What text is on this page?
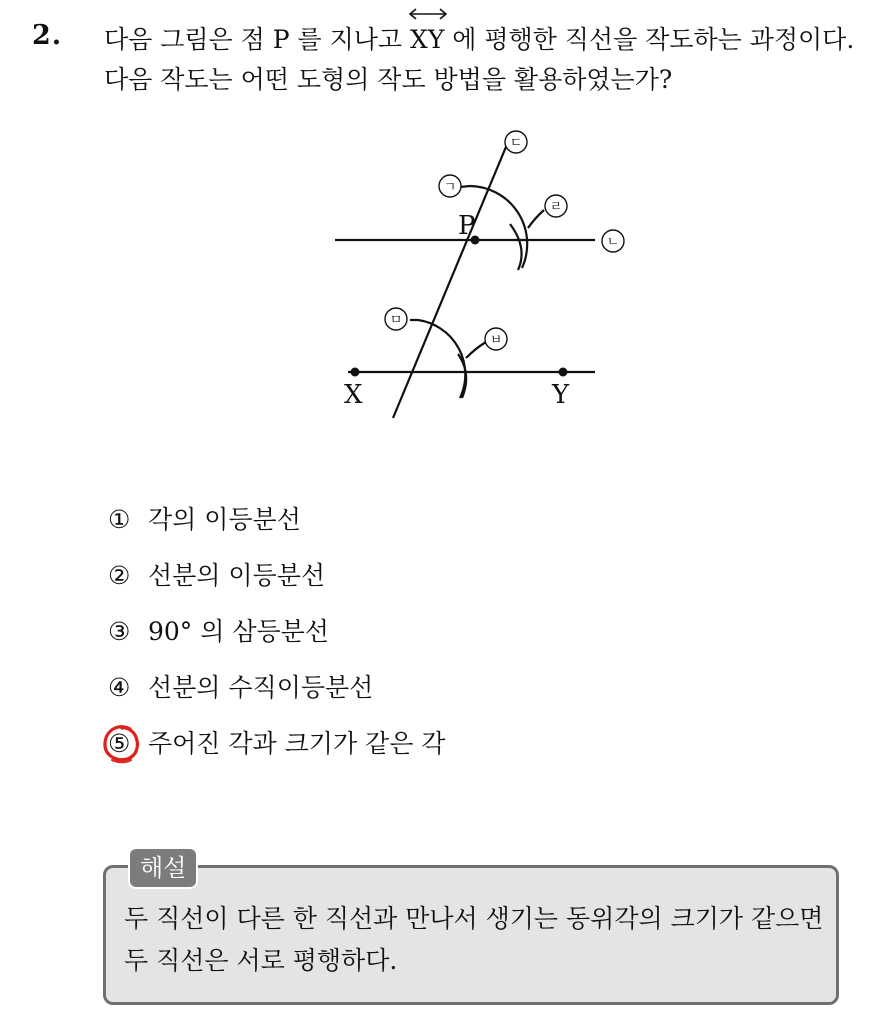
2. 다음 그림은 점 P 를 지나고
XY 에 평행한 직선을 작도하는 과정이다.
다음 작도는 어떤 도형의 작도 방법을 활용하였는가?
P
X	Y
ㄱ
ㄴ
ㄷ
ㄹ
ㅁ
ㅂ
① 각의 이등분선
② 선분의 이등분선
③ 90° 의 삼등분선
④ 선분의 수직이등분선
⑤ 주어진 각과 크기가 같은 각
해설
두 직선이 다른 한 직선과 만나서 생기는 동위각의 크기가 같으면
두 직선은 서로 평행하다.
